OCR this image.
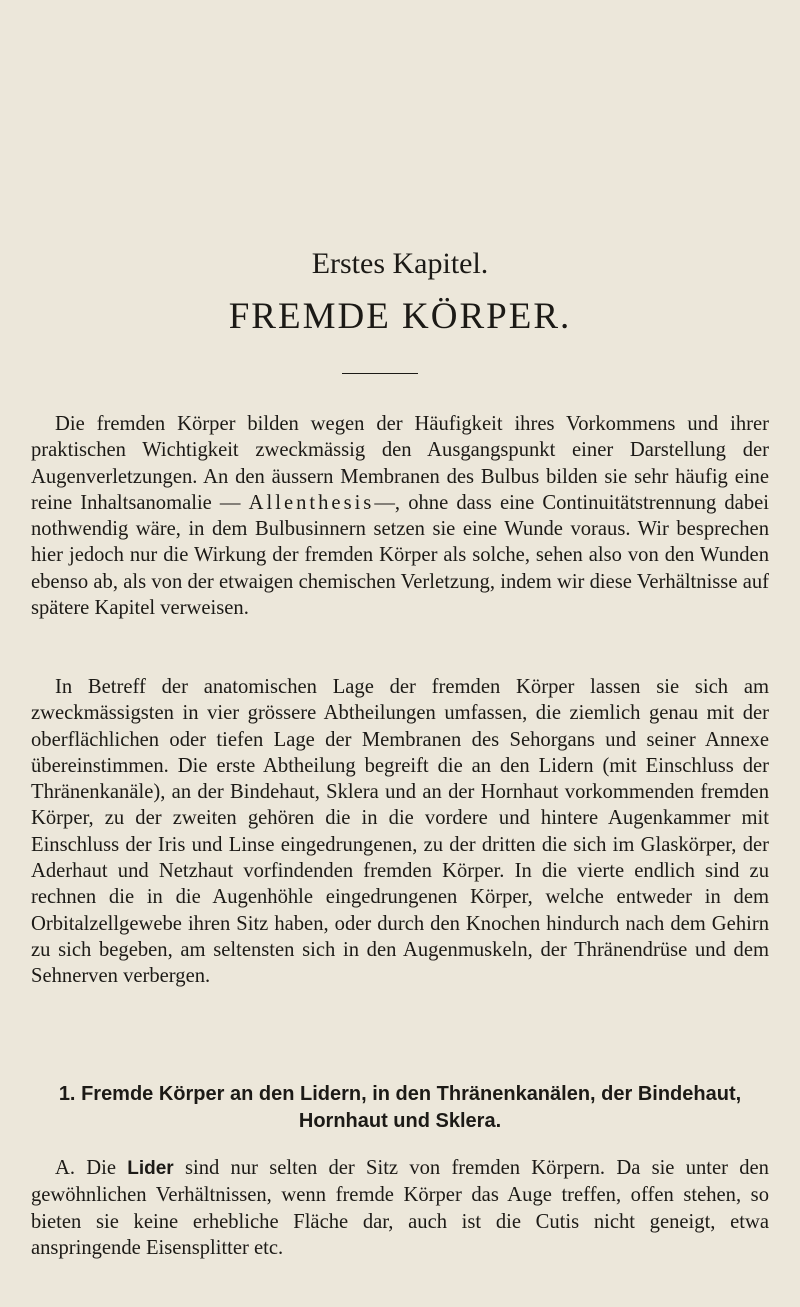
Erstes Kapitel.
FREMDE KÖRPER.

Die fremden Körper bilden wegen der Häufigkeit ihres Vorkommens und ihrer praktischen Wichtigkeit zweckmässig den Ausgangspunkt einer Darstellung der Augenverletzungen. An den äussern Membranen des Bulbus bilden sie sehr häufig eine reine Inhaltsanomalie — Allenthesis—, ohne dass eine Continuitätstrennung dabei nothwendig wäre, in dem Bulbusinnern setzen sie eine Wunde voraus. Wir besprechen hier jedoch nur die Wirkung der fremden Körper als solche, sehen also von den Wunden ebenso ab, als von der etwaigen chemischen Verletzung, indem wir diese Verhältnisse auf spätere Kapitel verweisen.

In Betreff der anatomischen Lage der fremden Körper lassen sie sich am zweckmässigsten in vier grössere Abtheilungen umfassen, die ziemlich genau mit der oberflächlichen oder tiefen Lage der Membranen des Sehorgans und seiner Annexe übereinstimmen. Die erste Abtheilung begreift die an den Lidern (mit Einschluss der Thränenkanäle), an der Bindehaut, Sklera und an der Hornhaut vorkommenden fremden Körper, zu der zweiten gehören die in die vordere und hintere Augenkammer mit Einschluss der Iris und Linse eingedrungenen, zu der dritten die sich im Glaskörper, der Aderhaut und Netzhaut vorfindenden fremden Körper. In die vierte endlich sind zu rechnen die in die Augenhöhle eingedrungenen Körper, welche entweder in dem Orbitalzellgewebe ihren Sitz haben, oder durch den Knochen hindurch nach dem Gehirn zu sich begeben, am seltensten sich in den Augenmuskeln, der Thränendrüse und dem Sehnerven verbergen.

1. Fremde Körper an den Lidern, in den Thränenkanälen, der Bindehaut, Hornhaut und Sklera.

A. Die Lider sind nur selten der Sitz von fremden Körpern. Da sie unter den gewöhnlichen Verhältnissen, wenn fremde Körper das Auge treffen, offen stehen, so bieten sie keine erhebliche Fläche dar, auch ist die Cutis nicht geneigt, etwa anspringende Eisensplitter etc.
